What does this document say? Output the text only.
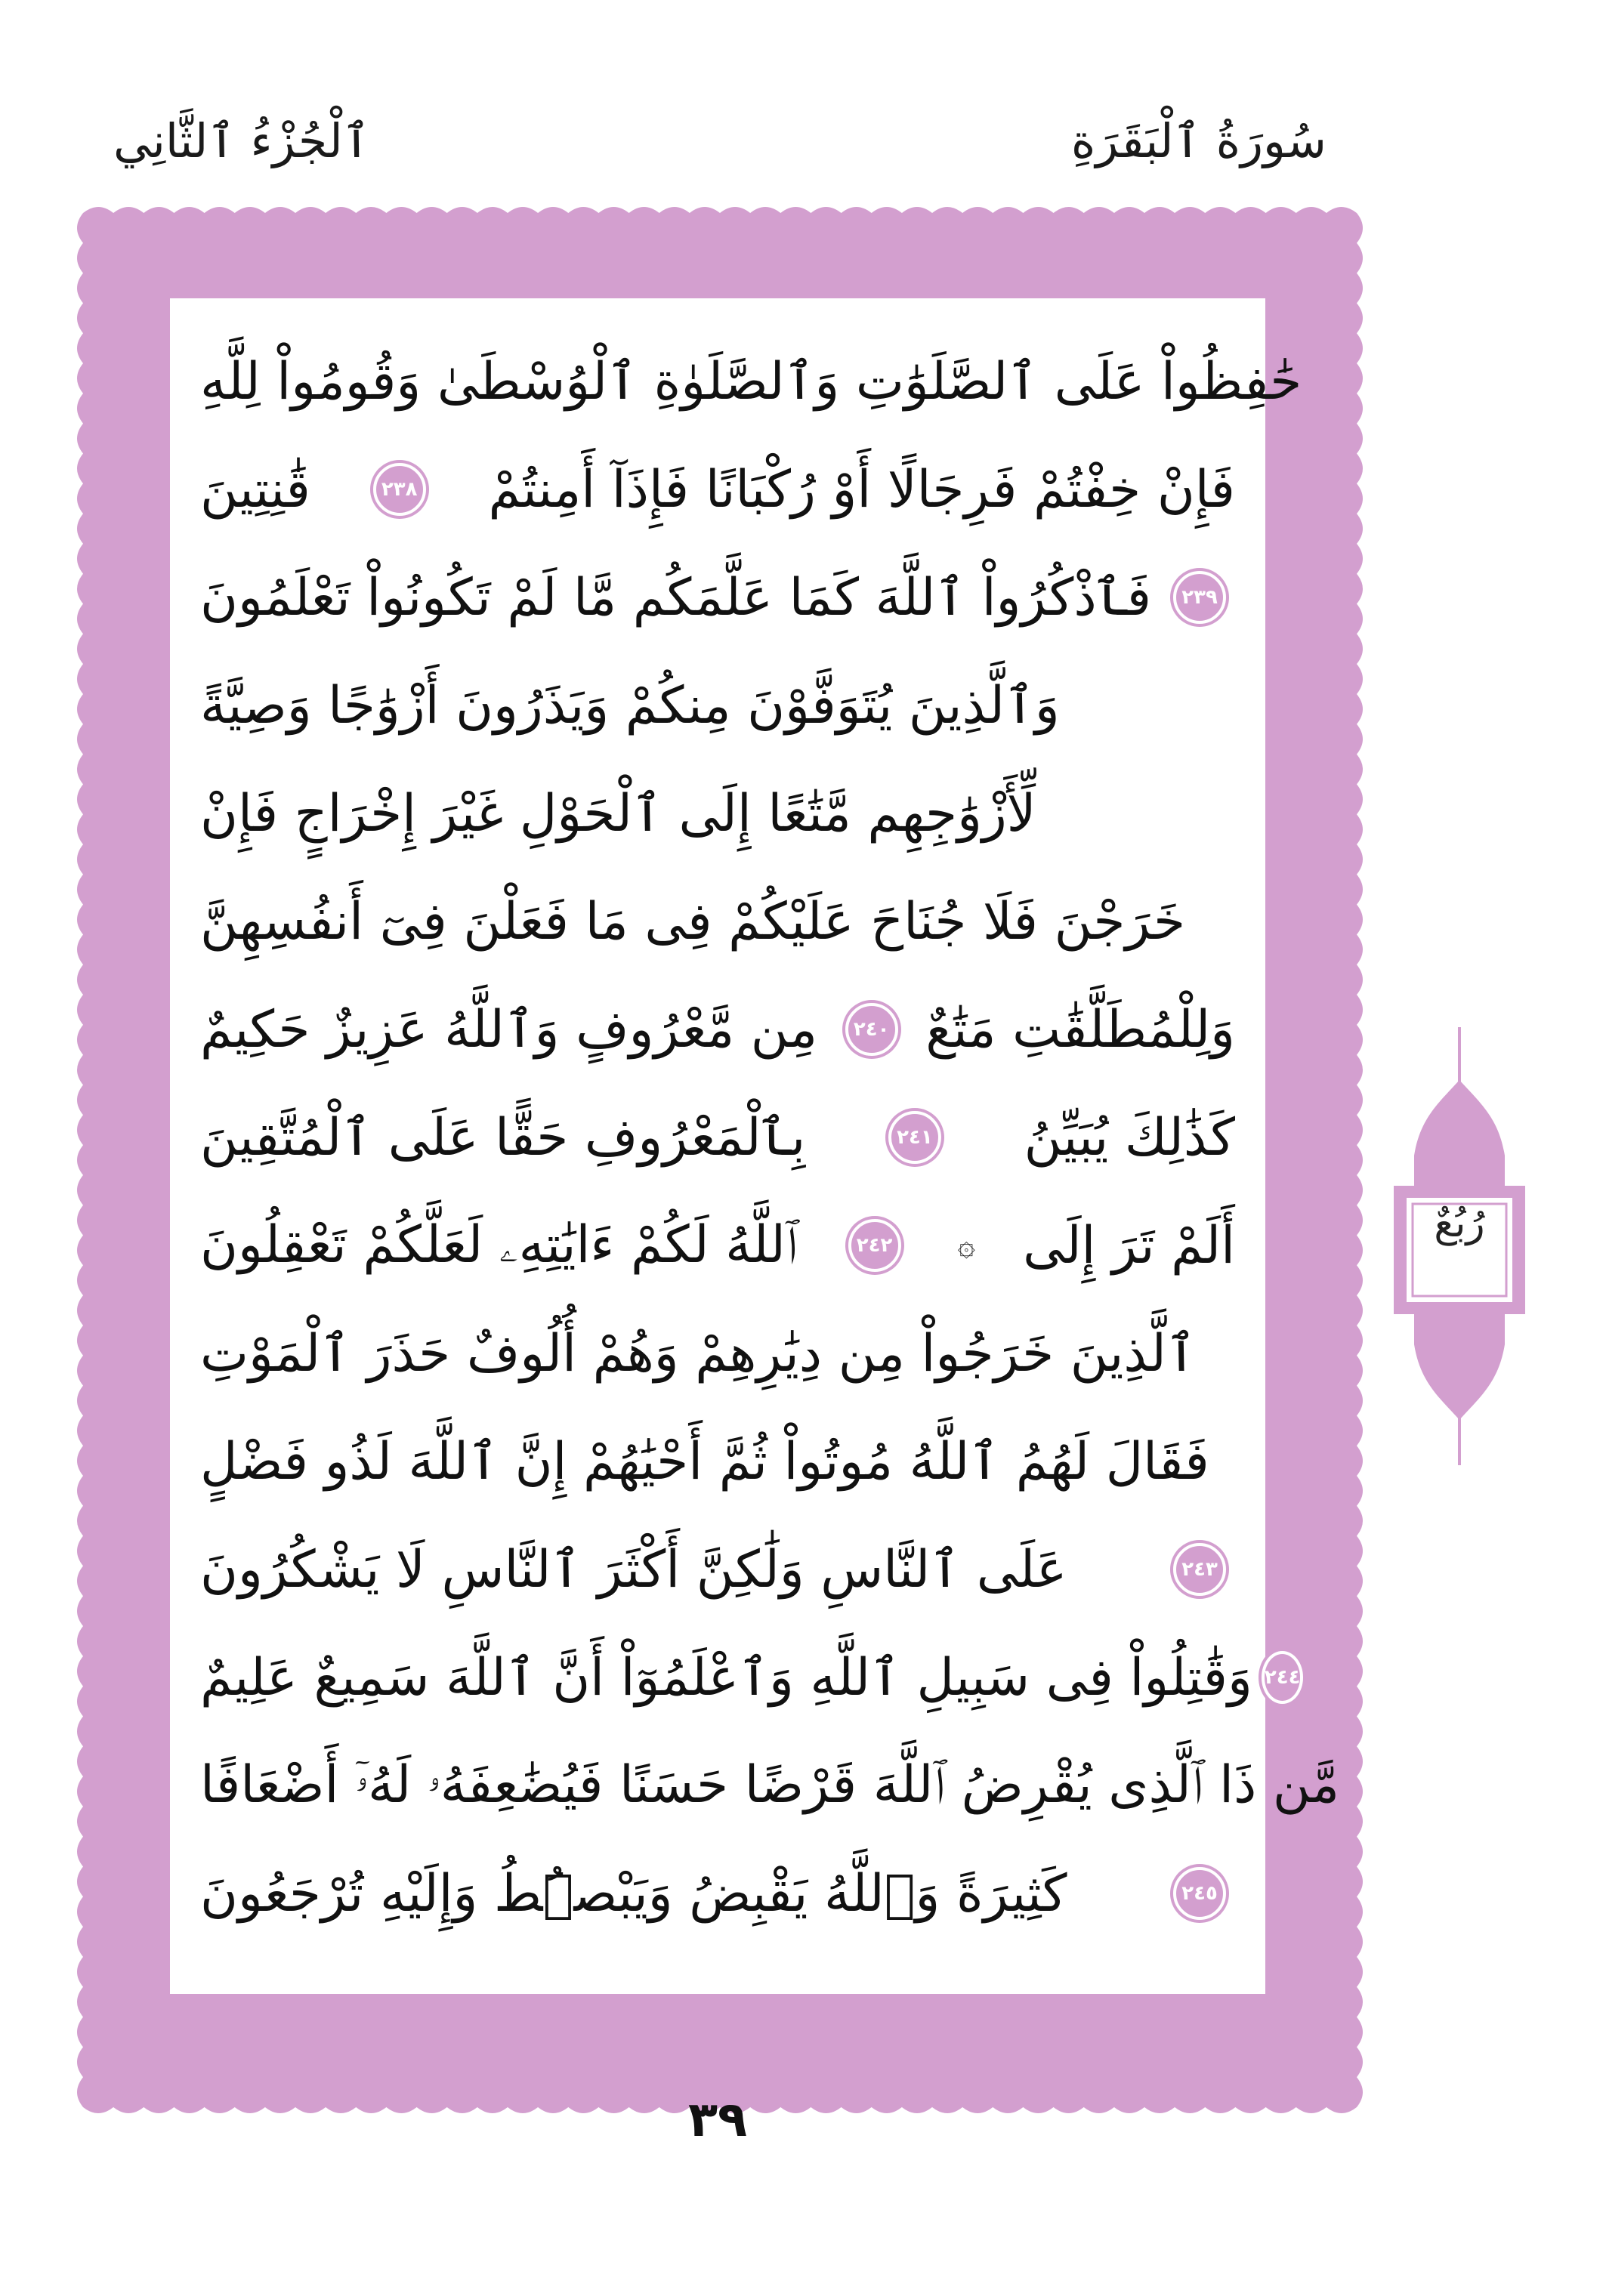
سُورَةُ ٱلْبَقَرَةِ
ٱلْجُزْءُ ٱلثَّانِي
حَٰفِظُواْ عَلَى ٱلصَّلَوَٰتِ وَٱلصَّلَوٰةِ ٱلْوُسْطَىٰ وَقُومُواْ لِلَّهِ
قَٰنِتِينَ	٢٣٨ فَإِنْ خِفْتُمْ فَرِجَالًا أَوْ رُكْبَانًا فَإِذَآ أَمِنتُمْ
فَٱذْكُرُواْ ٱللَّهَ كَمَا عَلَّمَكُم مَّا لَمْ تَكُونُواْ تَعْلَمُونَ	٢٣٩
وَٱلَّذِينَ يُتَوَفَّوْنَ مِنكُمْ وَيَذَرُونَ أَزْوَٰجًا وَصِيَّةً
لِّأَزْوَٰجِهِم مَّتَٰعًا إِلَى ٱلْحَوْلِ غَيْرَ إِخْرَاجٍ فَإِنْ
خَرَجْنَ فَلَا جُنَاحَ عَلَيْكُمْ فِى مَا فَعَلْنَ فِىٓ أَنفُسِهِنَّ
مِن مَّعْرُوفٍ وَٱللَّهُ عَزِيزٌ حَكِيمٌ	٢٤٠ وَلِلْمُطَلَّقَٰتِ مَتَٰعٌ
بِٱلْمَعْرُوفِ حَقًّا عَلَى ٱلْمُتَّقِينَ	٢٤١ كَذَٰلِكَ يُبَيِّنُ
ٱللَّهُ لَكُمْ ءَايَٰتِهِۦ لَعَلَّكُمْ تَعْقِلُونَ	٢٤٢ ۞ أَلَمْ تَرَ إِلَى
ٱلَّذِينَ خَرَجُواْ مِن دِيَٰرِهِمْ وَهُمْ أُلُوفٌ حَذَرَ ٱلْمَوْتِ
فَقَالَ لَهُمُ ٱللَّهُ مُوتُواْ ثُمَّ أَحْيَٰهُمْ إِنَّ ٱللَّهَ لَذُو فَضْلٍ
عَلَى ٱلنَّاسِ وَلَٰكِنَّ أَكْثَرَ ٱلنَّاسِ لَا يَشْكُرُونَ	٢٤٣
وَقَٰتِلُواْ فِى سَبِيلِ ٱللَّهِ وَٱعْلَمُوٓاْ أَنَّ ٱللَّهَ سَمِيعٌ عَلِيمٌ ٢٤٤
مَّن ذَا ٱلَّذِى يُقْرِضُ ٱللَّهَ قَرْضًا حَسَنًا فَيُضَٰعِفَهُۥ لَهُۥٓ أَضْعَافًا
كَثِيرَةً وَٱللَّهُ يَقْبِضُ وَيَبْصُۜطُ وَإِلَيْهِ تُرْجَعُونَ	٢٤٥
رُبُعٌ
٣٩
